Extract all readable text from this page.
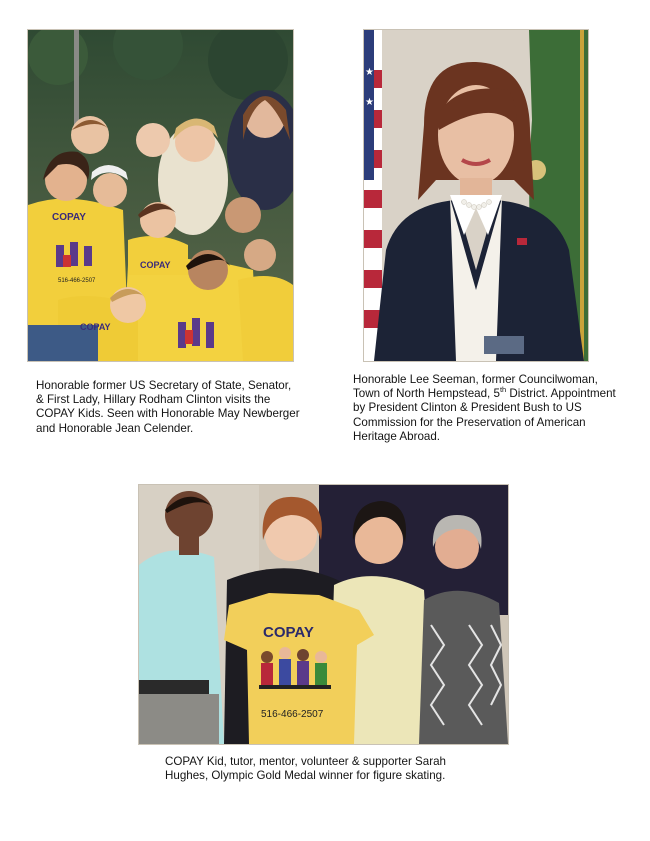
COPAY
COPAY
COPAY
516-466-2507

Honorable former US Secretary of State, Senator, & First Lady, Hillary Rodham Clinton visits the COPAY Kids. Seen with Honorable May Newberger and Honorable Jean Celender.

★
★

Honorable Lee Seeman, former Councilwoman, Town of North Hempstead, 5th District. Appointment by President Clinton & President Bush to US Commission for the Preservation of American Heritage Abroad.

COPAY
516-466-2507

COPAY Kid, tutor, mentor, volunteer & supporter Sarah Hughes, Olympic Gold Medal winner for figure skating.
